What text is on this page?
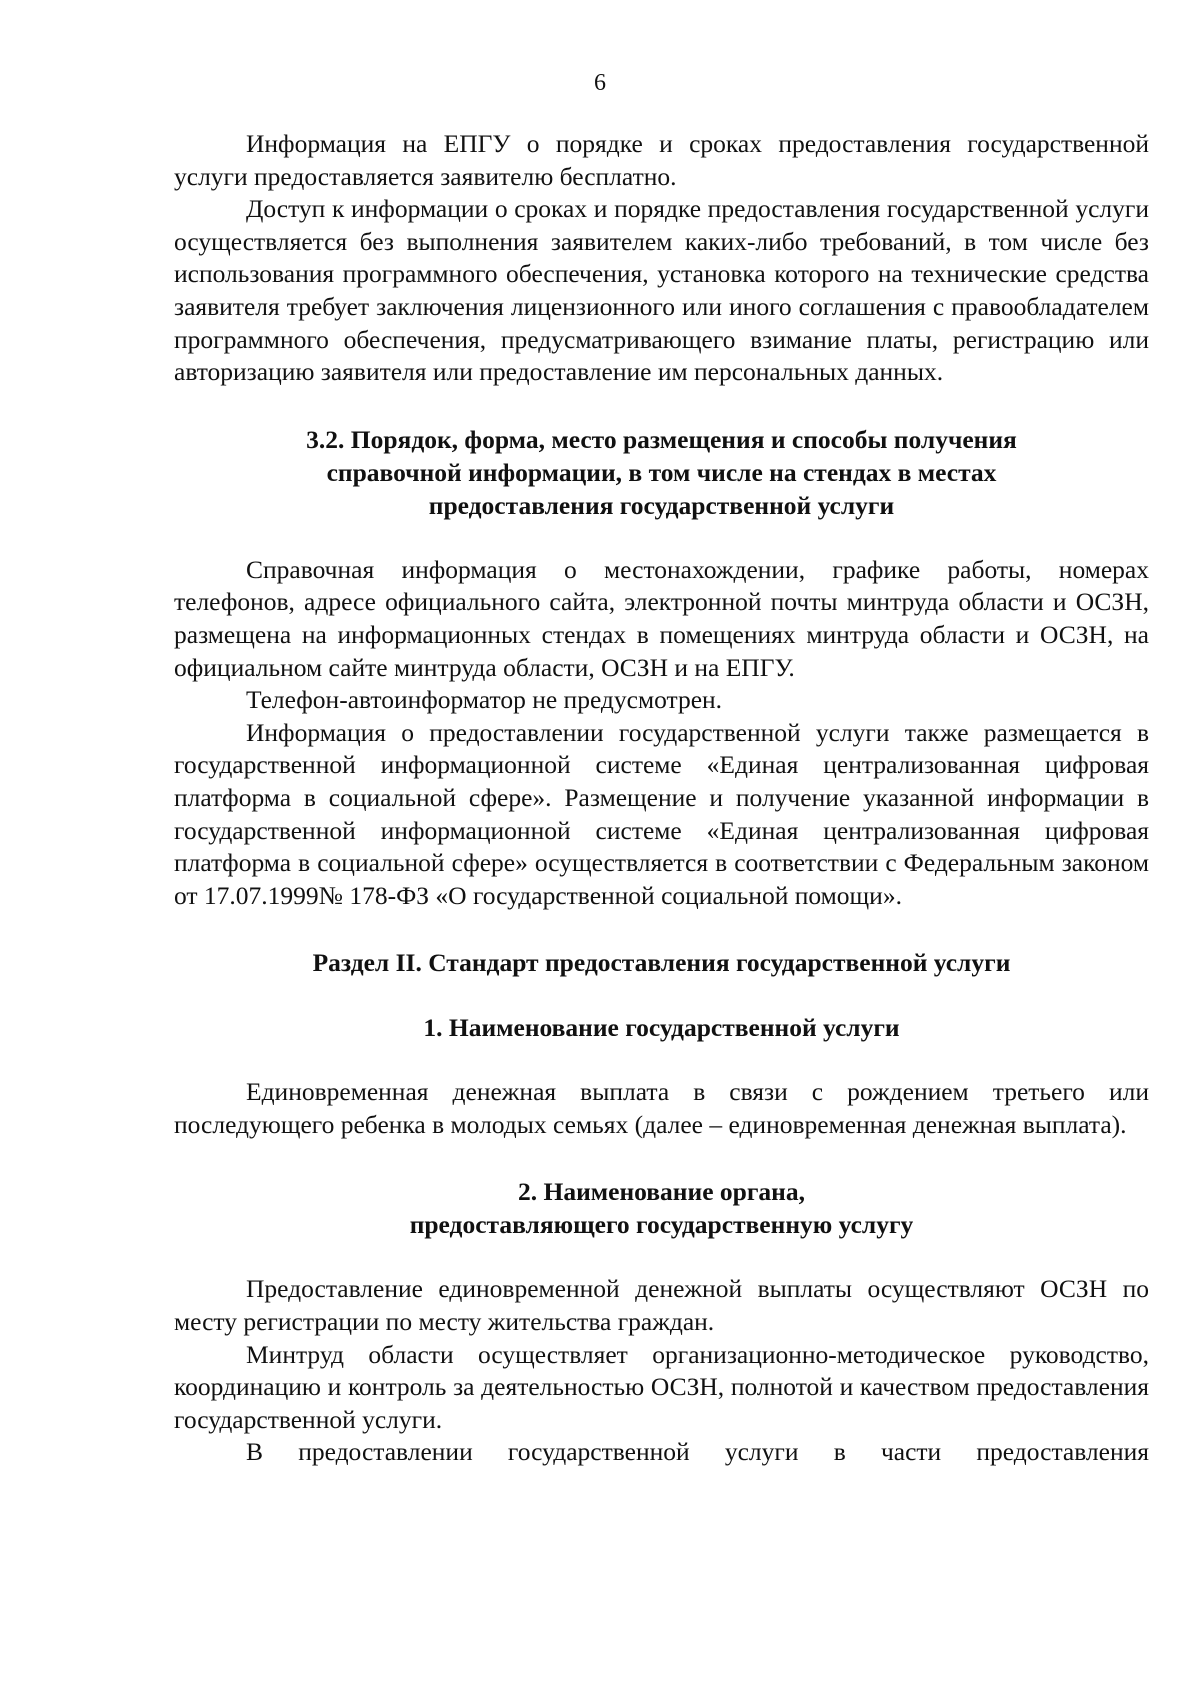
6

Информация на ЕПГУ о порядке и сроках предоставления государственной услуги предоставляется заявителю бесплатно.

Доступ к информации о сроках и порядке предоставления государственной услуги осуществляется без выполнения заявителем каких-либо требований, в том числе без использования программного обеспечения, установка которого на технические средства заявителя требует заключения лицензионного или иного соглашения с правообладателем программного обеспечения, предусматривающего взимание платы, регистрацию или авторизацию заявителя или предоставление им персональных данных.

3.2. Порядок, форма, место размещения и способы получения
справочной информации, в том числе на стендах в местах
предоставления государственной услуги

Справочная информация о местонахождении, графике работы, номерах телефонов, адресе официального сайта, электронной почты минтруда области и ОСЗН, размещена на информационных стендах в помещениях минтруда области и ОСЗН, на официальном сайте минтруда области, ОСЗН и на ЕПГУ.

Телефон-автоинформатор не предусмотрен.

Информация о предоставлении государственной услуги также размещается в государственной информационной системе «Единая централизованная цифровая платформа в социальной сфере». Размещение и получение указанной информации в государственной информационной системе «Единая централизованная цифровая платформа в социальной сфере» осуществляется в соответствии с Федеральным законом от 17.07.1999№ 178-ФЗ «О государственной социальной помощи».

Раздел II. Стандарт предоставления государственной услуги
1. Наименование государственной услуги

Единовременная денежная выплата в связи с рождением третьего или последующего ребенка в молодых семьях (далее – единовременная денежная выплата).

2. Наименование органа,
предоставляющего государственную услугу

Предоставление единовременной денежной выплаты осуществляют ОСЗН по месту регистрации по месту жительства граждан.

Минтруд области осуществляет организационно-методическое руководство, координацию и контроль за деятельностью ОСЗН, полнотой и качеством предоставления государственной услуги.

В предоставлении государственной услуги в части предоставления
